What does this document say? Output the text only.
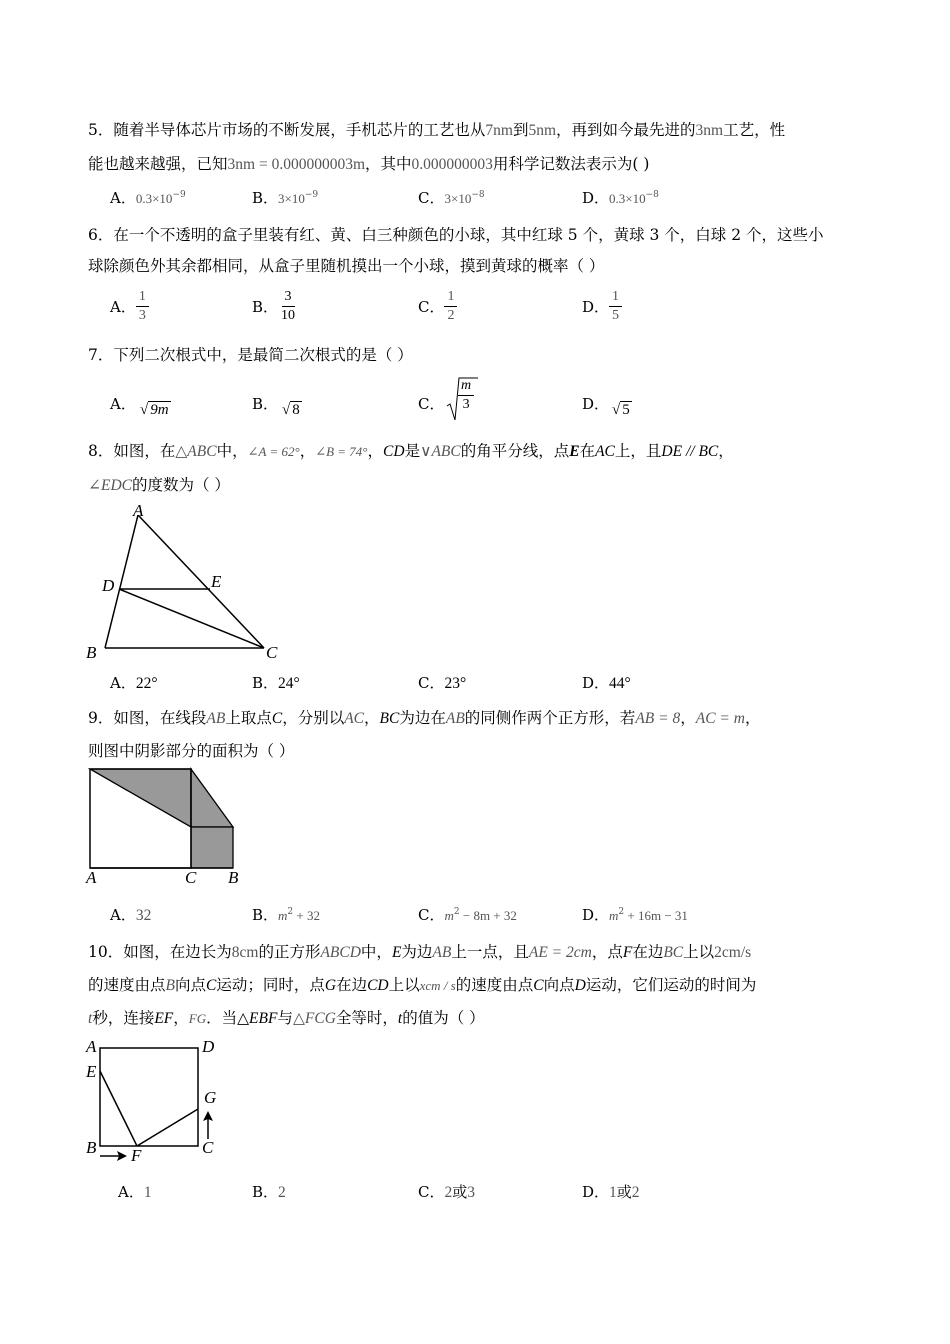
5．随着半导体芯片市场的不断发展，手机芯片的工艺也从7nm到5nm，再到如今最先进的3nm工艺，性
能也越来越强，已知3nm = 0.000000003m，其中0.000000003用科学记数法表示为( )
A．$0.3\times 10^{-9}$	B．$3\times 10^{-9}$	C．$3\times 10^{-8}$	D．$0.3\times 10^{-8}$
6．在一个不透明的盒子里装有红、黄、白三种颜色的小球，其中红球 5 个，黄球 3 个，白球 2 个，这些小
球除颜色外其余都相同，从盒子里随机摸出一个小球，摸到黄球的概率（ ）
A． $\frac{1}{3}$	B． $\frac{3}{10}$	C． $\frac{1}{2}$	D． $\frac{1}{5}$
7．下列二次根式中，是最简二次根式的是（ ）
A． √ 9m	B． √ 8	C． $\frac{m}{3}$	D． √ 5
8．如图，在△ABC中，∠A = 62°，∠B = 74°，CD是∨ABC的角平分线，点E在AC上，且DE // BC，
∠EDC的度数为（ ）
A
D	E
B	C
A．22°	B．24°	C．23°	D．44°
9．如图，在线段AB上取点C，分别以AC，BC为边在AB的同侧作两个正方形，若AB = 8，AC = m，
则图中阴影部分的面积为（ ）
A	C B
A．32	B．$m^2 + 32$	C．$m^2 - 8m + 32$	D．$m^2 + 16m - 31$
10．如图，在边长为8cm的正方形ABCD中，E为边AB上一点，且AE = 2cm，点F在边BC上以2cm/s
的速度由点B向点C运动；同时，点G在边CD上以xcm / s的速度由点C向点D运动，它们运动的时间为
t秒，连接EF，FG．当△EBF与△FCG全等时，t的值为（ ）
A	D
E
G
B	C
F
A．1	B．2	C．2或3	D．1或2
